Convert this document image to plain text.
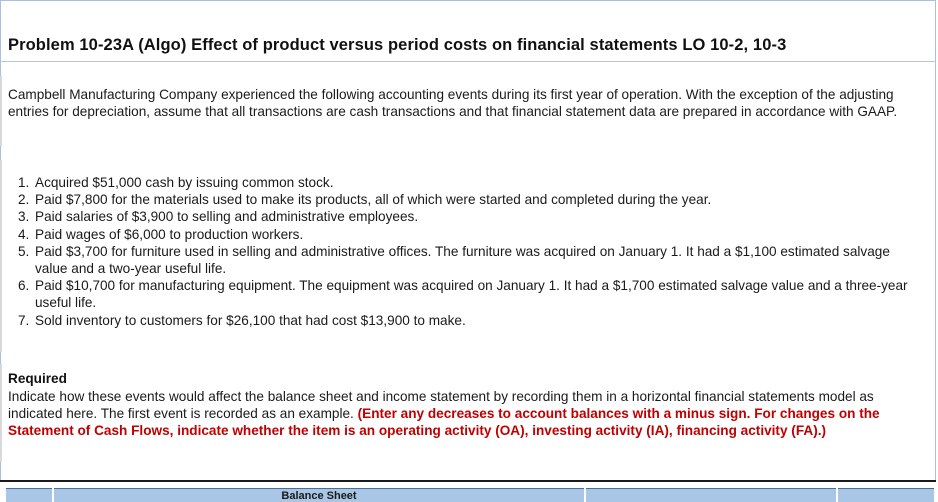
Problem 10-23A (Algo) Effect of product versus period costs on financial statements LO 10-2, 10-3
Campbell Manufacturing Company experienced the following accounting events during its first year of operation. With the exception of the adjusting entries for depreciation, assume that all transactions are cash transactions and that financial statement data are prepared in accordance with GAAP.
1. Acquired $51,000 cash by issuing common stock.
2. Paid $7,800 for the materials used to make its products, all of which were started and completed during the year.
3. Paid salaries of $3,900 to selling and administrative employees.
4. Paid wages of $6,000 to production workers.
5. Paid $3,700 for furniture used in selling and administrative offices. The furniture was acquired on January 1. It had a $1,100 estimated salvage value and a two-year useful life.
6. Paid $10,700 for manufacturing equipment. The equipment was acquired on January 1. It had a $1,700 estimated salvage value and a three-year useful life.
7. Sold inventory to customers for $26,100 that had cost $13,900 to make.
Required
Indicate how these events would affect the balance sheet and income statement by recording them in a horizontal financial statements model as indicated here. The first event is recorded as an example. (Enter any decreases to account balances with a minus sign. For changes on the Statement of Cash Flows, indicate whether the item is an operating activity (OA), investing activity (IA), financing activity (FA).)
Balance Sheet
